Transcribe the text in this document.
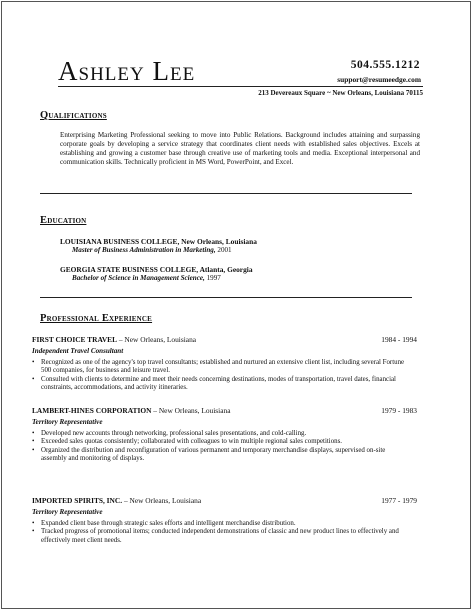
Ashley Lee	504.555.1212
support@resumeedge.com
213 Devereaux Square ~ New Orleans, Louisiana 70115
Qualifications
Enterprising Marketing Professional seeking to move into Public Relations. Background includes attaining and surpassing corporate goals by developing a service strategy that coordinates client needs with established sales objectives. Excels at establishing and growing a customer base through creative use of marketing tools and media. Exceptional interpersonal and communication skills. Technically proficient in MS Word, PowerPoint, and Excel.
Education
LOUISIANA BUSINESS COLLEGE, New Orleans, Louisiana
Master of Business Administration in Marketing, 2001
GEORGIA STATE BUSINESS COLLEGE, Atlanta, Georgia
Bachelor of Science in Management Science, 1997
Professional Experience
FIRST CHOICE TRAVEL – New Orleans, Louisiana	1984 - 1994
Independent Travel Consultant
• Recognized as one of the agency's top travel consultants; established and nurtured an extensive client list, including several Fortune 500 companies, for business and leisure travel.
• Consulted with clients to determine and meet their needs concerning destinations, modes of transportation, travel dates, financial constraints, accommodations, and activity itineraries.
LAMBERT-HINES CORPORATION – New Orleans, Louisiana	1979 - 1983
Territory Representative
• Developed new accounts through networking, professional sales presentations, and cold-calling.
• Exceeded sales quotas consistently; collaborated with colleagues to win multiple regional sales competitions.
• Organized the distribution and reconfiguration of various permanent and temporary merchandise displays, supervised on-site assembly and monitoring of displays.
IMPORTED SPIRITS, INC. – New Orleans, Louisiana	1977 - 1979
Territory Representative
• Expanded client base through strategic sales efforts and intelligent merchandise distribution.
• Tracked progress of promotional items; conducted independent demonstrations of classic and new product lines to effectively and effectively meet client needs.
